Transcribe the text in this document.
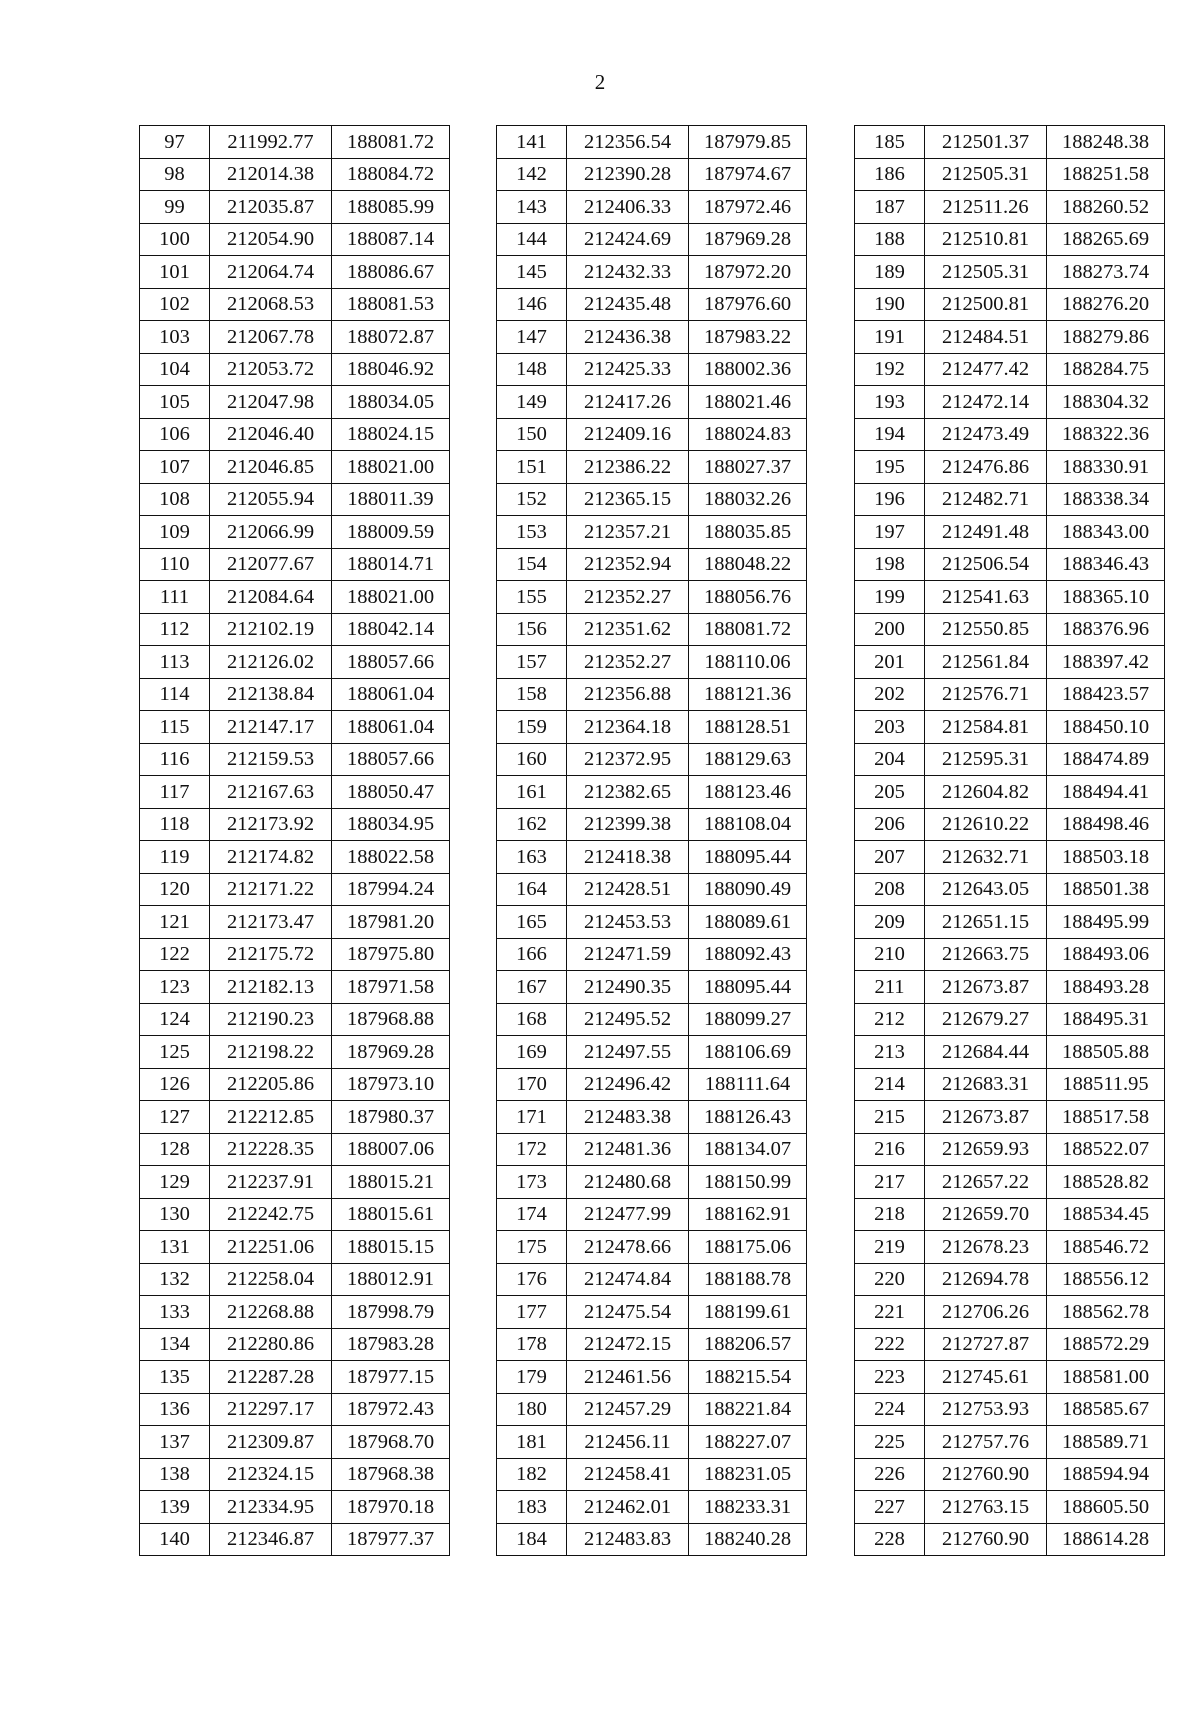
2
97	211992.77	188081.72
98	212014.38	188084.72
99	212035.87	188085.99
100	212054.90	188087.14
101	212064.74	188086.67
102	212068.53	188081.53
103	212067.78	188072.87
104	212053.72	188046.92
105	212047.98	188034.05
106	212046.40	188024.15
107	212046.85	188021.00
108	212055.94	188011.39
109	212066.99	188009.59
110	212077.67	188014.71
111	212084.64	188021.00
112	212102.19	188042.14
113	212126.02	188057.66
114	212138.84	188061.04
115	212147.17	188061.04
116	212159.53	188057.66
117	212167.63	188050.47
118	212173.92	188034.95
119	212174.82	188022.58
120	212171.22	187994.24
121	212173.47	187981.20
122	212175.72	187975.80
123	212182.13	187971.58
124	212190.23	187968.88
125	212198.22	187969.28
126	212205.86	187973.10
127	212212.85	187980.37
128	212228.35	188007.06
129	212237.91	188015.21
130	212242.75	188015.61
131	212251.06	188015.15
132	212258.04	188012.91
133	212268.88	187998.79
134	212280.86	187983.28
135	212287.28	187977.15
136	212297.17	187972.43
137	212309.87	187968.70
138	212324.15	187968.38
139	212334.95	187970.18
140	212346.87	187977.37
141	212356.54	187979.85
142	212390.28	187974.67
143	212406.33	187972.46
144	212424.69	187969.28
145	212432.33	187972.20
146	212435.48	187976.60
147	212436.38	187983.22
148	212425.33	188002.36
149	212417.26	188021.46
150	212409.16	188024.83
151	212386.22	188027.37
152	212365.15	188032.26
153	212357.21	188035.85
154	212352.94	188048.22
155	212352.27	188056.76
156	212351.62	188081.72
157	212352.27	188110.06
158	212356.88	188121.36
159	212364.18	188128.51
160	212372.95	188129.63
161	212382.65	188123.46
162	212399.38	188108.04
163	212418.38	188095.44
164	212428.51	188090.49
165	212453.53	188089.61
166	212471.59	188092.43
167	212490.35	188095.44
168	212495.52	188099.27
169	212497.55	188106.69
170	212496.42	188111.64
171	212483.38	188126.43
172	212481.36	188134.07
173	212480.68	188150.99
174	212477.99	188162.91
175	212478.66	188175.06
176	212474.84	188188.78
177	212475.54	188199.61
178	212472.15	188206.57
179	212461.56	188215.54
180	212457.29	188221.84
181	212456.11	188227.07
182	212458.41	188231.05
183	212462.01	188233.31
184	212483.83	188240.28
185	212501.37	188248.38
186	212505.31	188251.58
187	212511.26	188260.52
188	212510.81	188265.69
189	212505.31	188273.74
190	212500.81	188276.20
191	212484.51	188279.86
192	212477.42	188284.75
193	212472.14	188304.32
194	212473.49	188322.36
195	212476.86	188330.91
196	212482.71	188338.34
197	212491.48	188343.00
198	212506.54	188346.43
199	212541.63	188365.10
200	212550.85	188376.96
201	212561.84	188397.42
202	212576.71	188423.57
203	212584.81	188450.10
204	212595.31	188474.89
205	212604.82	188494.41
206	212610.22	188498.46
207	212632.71	188503.18
208	212643.05	188501.38
209	212651.15	188495.99
210	212663.75	188493.06
211	212673.87	188493.28
212	212679.27	188495.31
213	212684.44	188505.88
214	212683.31	188511.95
215	212673.87	188517.58
216	212659.93	188522.07
217	212657.22	188528.82
218	212659.70	188534.45
219	212678.23	188546.72
220	212694.78	188556.12
221	212706.26	188562.78
222	212727.87	188572.29
223	212745.61	188581.00
224	212753.93	188585.67
225	212757.76	188589.71
226	212760.90	188594.94
227	212763.15	188605.50
228	212760.90	188614.28
